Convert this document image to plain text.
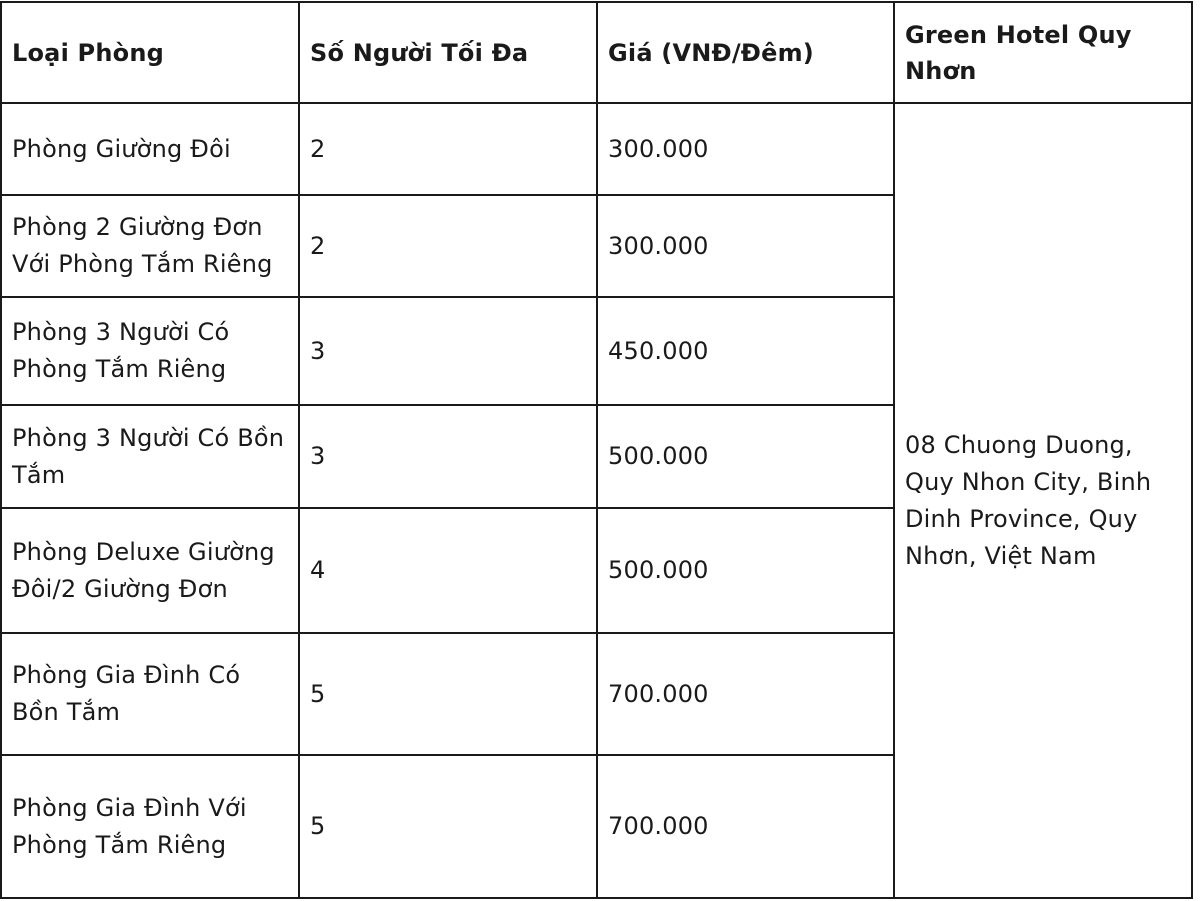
Loại Phòng	Số Người Tối Đa	Giá (VNĐ/Đêm)	Green Hotel Quy Nhơn
Phòng Giường Đôi	2	300.000	08 Chuong Duong, Quy Nhon City, Binh Dinh Province, Quy Nhơn, Việt Nam
Phòng 2 Giường Đơn Với Phòng Tắm Riêng	2	300.000	
Phòng 3 Người Có Phòng Tắm Riêng	3	450.000	
Phòng 3 Người Có Bồn Tắm	3	500.000	
Phòng Deluxe Giường Đôi/2 Giường Đơn	4	500.000	
Phòng Gia Đình Có Bồn Tắm	5	700.000	
Phòng Gia Đình Với Phòng Tắm Riêng	5	700.000	
